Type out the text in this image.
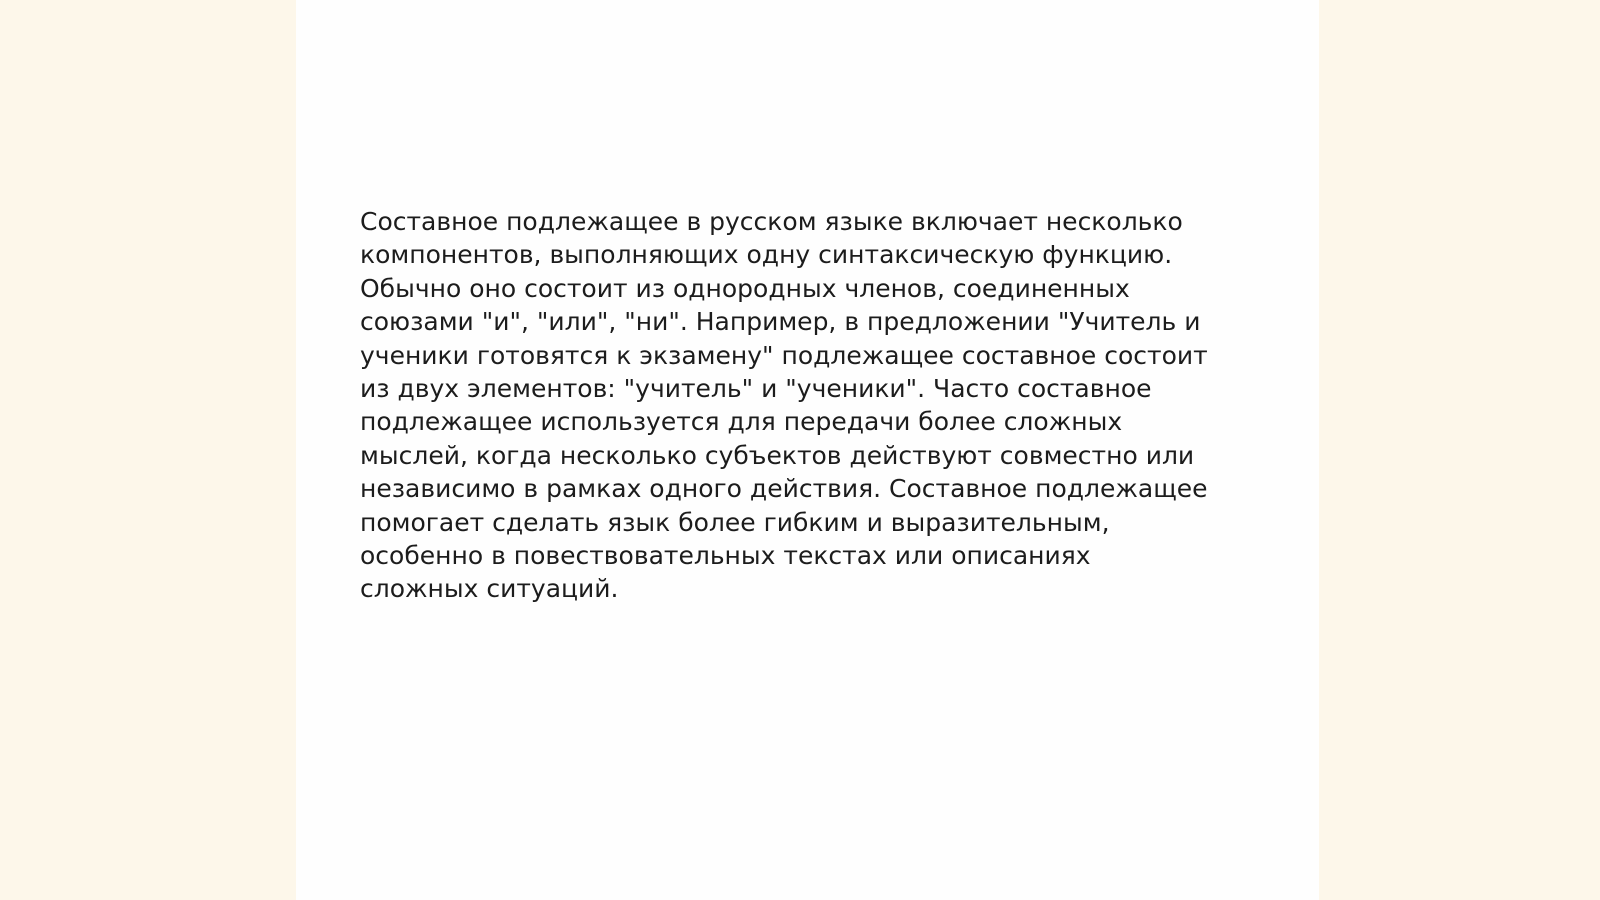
Составное подлежащее в русском языке включает несколько
компонентов, выполняющих одну синтаксическую функцию.
Обычно оно состоит из однородных членов, соединенных
союзами "и", "или", "ни". Например, в предложении "Учитель и
ученики готовятся к экзамену" подлежащее составное состоит
из двух элементов: "учитель" и "ученики". Часто составное
подлежащее используется для передачи более сложных
мыслей, когда несколько субъектов действуют совместно или
независимо в рамках одного действия. Составное подлежащее
помогает сделать язык более гибким и выразительным,
особенно в повествовательных текстах или описаниях
сложных ситуаций.
